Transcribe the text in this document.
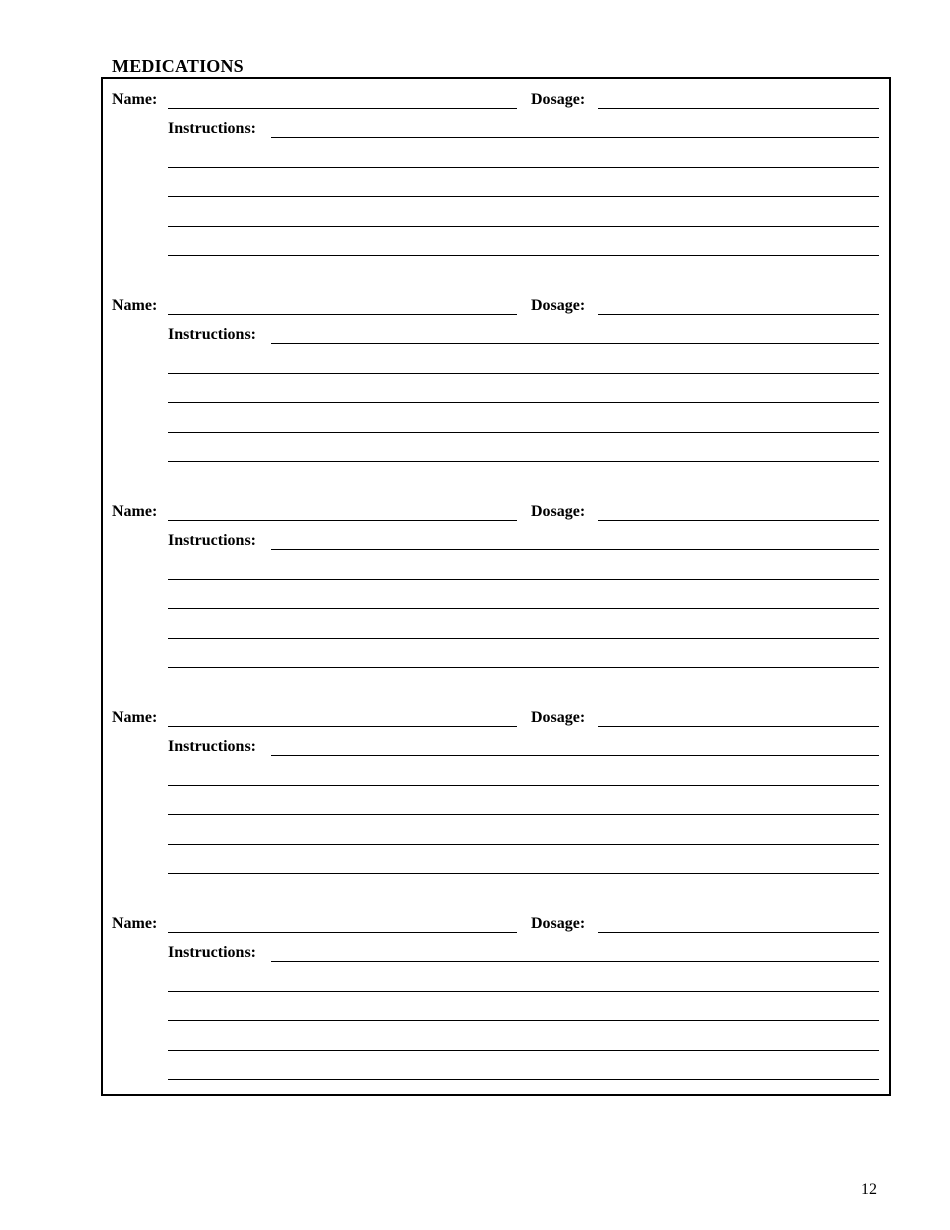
MEDICATIONS
Name:	Dosage:
Instructions:
Name:	Dosage:
Instructions:
Name:	Dosage:
Instructions:
Name:	Dosage:
Instructions:
Name:	Dosage:
Instructions:
12
